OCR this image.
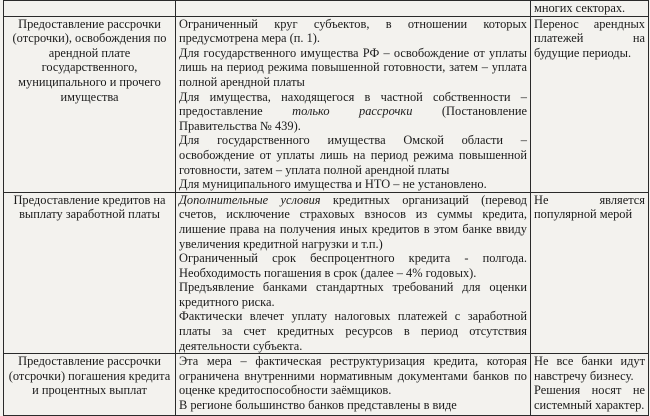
		многих секторах.
Предоставление рассрочки (отсрочки), освобождения по арендной плате государственного, муниципального и прочего имущества	Ограниченный круг субъектов, в отношении которых предусмотрена мера (п. 1).
Для государственного имущества РФ – освобождение от уплаты лишь на период режима повышенной готовности, затем – уплата полной арендной платы
Для имущества, находящегося в частной собственности – предоставление только рассрочки (Постановление Правительства № 439).
Для государственного имущества Омской области – освобождение от уплаты лишь на период режима повышенной готовности, затем – уплата полной арендной платы
Для муниципального имущества и НТО – не установлено.	Перенос арендных платежей на будущие периоды.
Предоставление кредитов на выплату заработной платы	Дополнительные условия кредитных организаций (перевод счетов, исключение страховых взносов из суммы кредита, лишение права на получения иных кредитов в этом банке ввиду увеличения кредитной нагрузки и т.п.)
Ограниченный срок беспроцентного кредита - полгода. Необходимость погашения в срок (далее – 4% годовых).
Предъявление банками стандартных требований для оценки кредитного риска.
Фактически влечет уплату налоговых платежей с заработной платы за счет кредитных ресурсов в период отсутствия деятельности субъекта.	Не является популярной мерой
Предоставление рассрочки (отсрочки) погашения кредита и процентных выплат	Эта мера – фактическая реструктуризация кредита, которая ограничена внутренними нормативным документами банков по оценке кредитоспособности заёмщиков.
В регионе большинство банков представлены в виде	Не все банки идут навстречу бизнесу.
Решения носят не системный характер.
